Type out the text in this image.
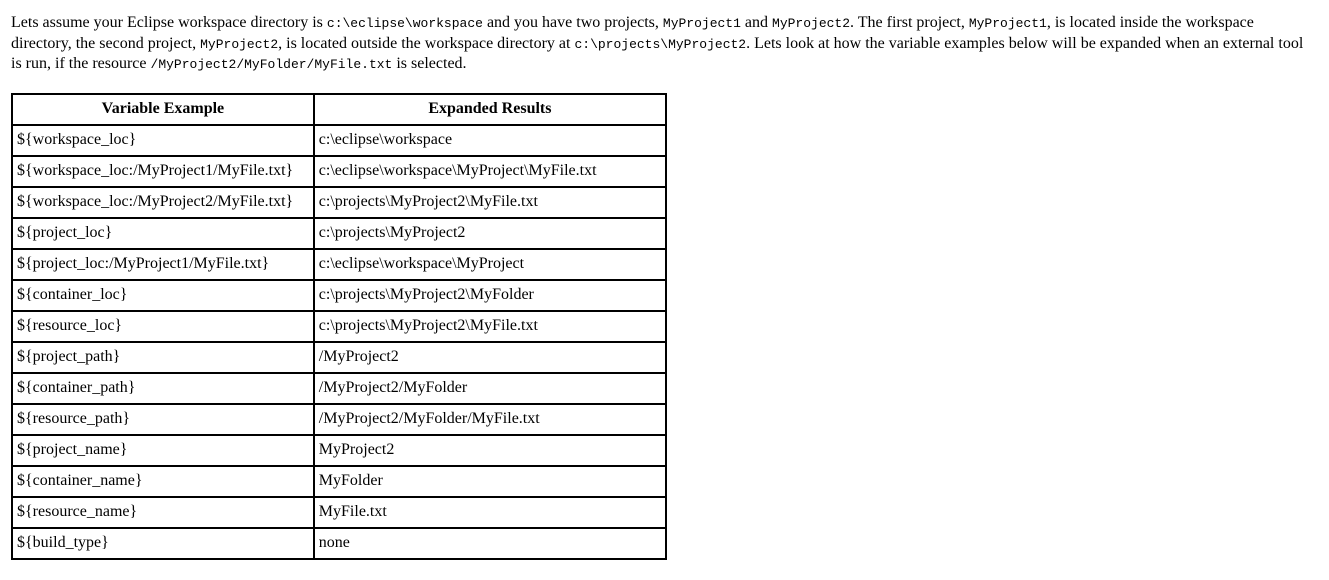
Lets assume your Eclipse workspace directory is c:\eclipse\workspace and you have two projects, MyProject1 and MyProject2. The first project, MyProject1, is located inside the workspace directory, the second project, MyProject2, is located outside the workspace directory at c:\projects\MyProject2. Lets look at how the variable examples below will be expanded when an external tool is run, if the resource /MyProject2/MyFolder/MyFile.txt is selected.

Variable Example	Expanded Results
${workspace_loc}	c:\eclipse\workspace
${workspace_loc:/MyProject1/MyFile.txt}	c:\eclipse\workspace\MyProject\MyFile.txt
${workspace_loc:/MyProject2/MyFile.txt}	c:\projects\MyProject2\MyFile.txt
${project_loc}	c:\projects\MyProject2
${project_loc:/MyProject1/MyFile.txt}	c:\eclipse\workspace\MyProject
${container_loc}	c:\projects\MyProject2\MyFolder
${resource_loc}	c:\projects\MyProject2\MyFile.txt
${project_path}	/MyProject2
${container_path}	/MyProject2/MyFolder
${resource_path}	/MyProject2/MyFolder/MyFile.txt
${project_name}	MyProject2
${container_name}	MyFolder
${resource_name}	MyFile.txt
${build_type}	none
